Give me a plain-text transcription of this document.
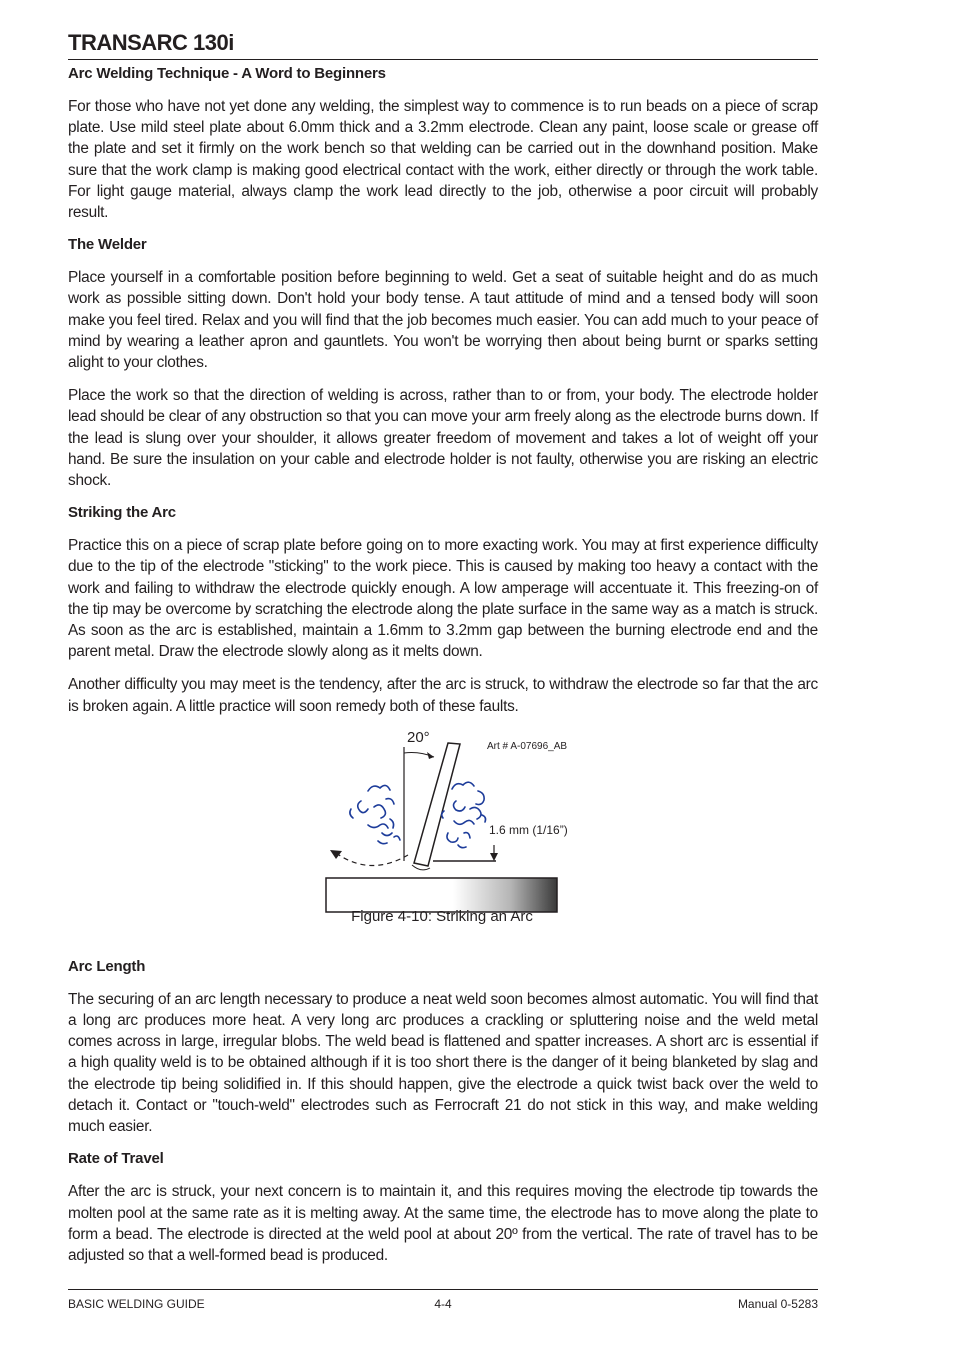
TRANSARC 130i
Arc Welding Technique - A Word to Beginners

For those who have not yet done any welding, the simplest way to commence is to run beads on a piece of scrap plate. Use mild steel plate about 6.0mm thick and a 3.2mm electrode. Clean any paint, loose scale or grease off the plate and set it firmly on the work bench so that welding can be carried out in the downhand position. Make sure that the work clamp is making good electrical contact with the work, either directly or through the work table. For light gauge material, always clamp the work lead directly to the job, otherwise a poor circuit will probably result.

The Welder

Place yourself in a comfortable position before beginning to weld. Get a seat of suitable height and do as much work as possible sitting down. Don't hold your body tense. A taut attitude of mind and a tensed body will soon make you feel tired. Relax and you will find that the job becomes much easier. You can add much to your peace of mind by wearing a leather apron and gauntlets. You won't be worrying then about being burnt or sparks setting alight to your clothes.

Place the work so that the direction of welding is across, rather than to or from, your body. The electrode holder lead should be clear of any obstruction so that you can move your arm freely along as the electrode burns down. If the lead is slung over your shoulder, it allows greater freedom of movement and takes a lot of weight off your hand. Be sure the insulation on your cable and electrode holder is not faulty, otherwise you are risking an electric shock.

Striking the Arc

Practice this on a piece of scrap plate before going on to more exacting work. You may at first experience difficulty due to the tip of the electrode "sticking" to the work piece. This is caused by making too heavy a contact with the work and failing to withdraw the electrode quickly enough. A low amperage will accentuate it. This freezing-on of the tip may be overcome by scratching the electrode along the plate surface in the same way as a match is struck. As soon as the arc is established, maintain a 1.6mm to 3.2mm gap between the burning electrode end and the parent metal. Draw the electrode slowly along as it melts down.

Another difficulty you may meet is the tendency, after the arc is struck, to withdraw the electrode so far that the arc is broken again. A little practice will soon remedy both of these faults.

20°
Art # A-07696_AB
1.6 mm (1/16”)
Figure 4-10: Striking an Arc
Arc Length

The securing of an arc length necessary to produce a neat weld soon becomes almost automatic. You will find that a long arc produces more heat. A very long arc produces a crackling or spluttering noise and the weld metal comes across in large, irregular blobs. The weld bead is flattened and spatter increases. A short arc is essential if a high quality weld is to be obtained although if it is too short there is the danger of it being blanketed by slag and the electrode tip being solidified in. If this should happen, give the electrode a quick twist back over the weld to detach it. Contact or "touch-weld" electrodes such as Ferrocraft 21 do not stick in this way, and make welding much easier.

Rate of Travel

After the arc is struck, your next concern is to maintain it, and this requires moving the electrode tip towards the molten pool at the same rate as it is melting away. At the same time, the electrode has to move along the plate to form a bead. The electrode is directed at the weld pool at about 20º from the vertical. The rate of travel has to be adjusted so that a well-formed bead is produced.

BASIC WELDING GUIDE	4-4	Manual 0-5283
